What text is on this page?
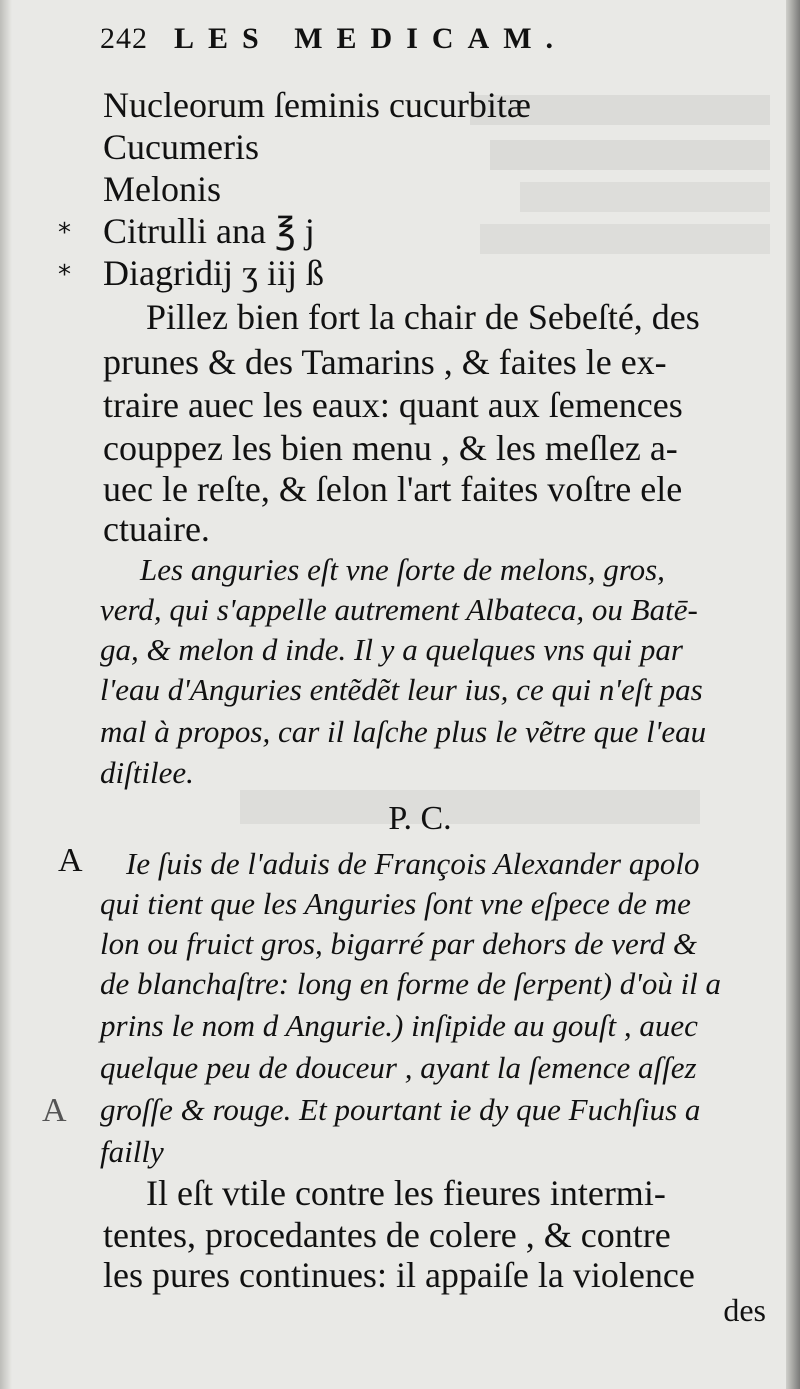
242 LES MEDICAM.
Nucleorum ſeminis cucurbitæ
Cucumeris
Melonis
* Citrulli ana ℥ j
* Diagridij ʒ iij ß
Pillez bien fort la chair de Sebeſté, des
prunes & des Tamarins , & faites le ex-
traire auec les eaux: quant aux ſemences
couppez les bien menu , & les meſlez a-
uec le reſte, & ſelon l'art faites voſtre ele
ctuaire.
Les anguries eſt vne ſorte de melons, gros,
verd, qui s'appelle autrement Albateca, ou Batē-
ga, & melon d inde. Il y a quelques vns qui par
l'eau d'Anguries entẽdẽt leur ius, ce qui n'eſt pas
mal à propos, car il laſche plus le vẽtre que l'eau
diſtilee.
P. C.
A
A
Ie ſuis de l'aduis de François Alexander apolo
qui tient que les Anguries ſont vne eſpece de me
lon ou fruict gros, bigarré par dehors de verd &
de blanchaſtre: long en forme de ſerpent) d'où il a
prins le nom d Angurie.) inſipide au gouſt , auec
quelque peu de douceur , ayant la ſemence aſſez
groſſe & rouge. Et pourtant ie dy que Fuchſius a
failly
Il eſt vtile contre les fieures intermi-
tentes, procedantes de colere , & contre
les pures continues: il appaiſe la violence
des
